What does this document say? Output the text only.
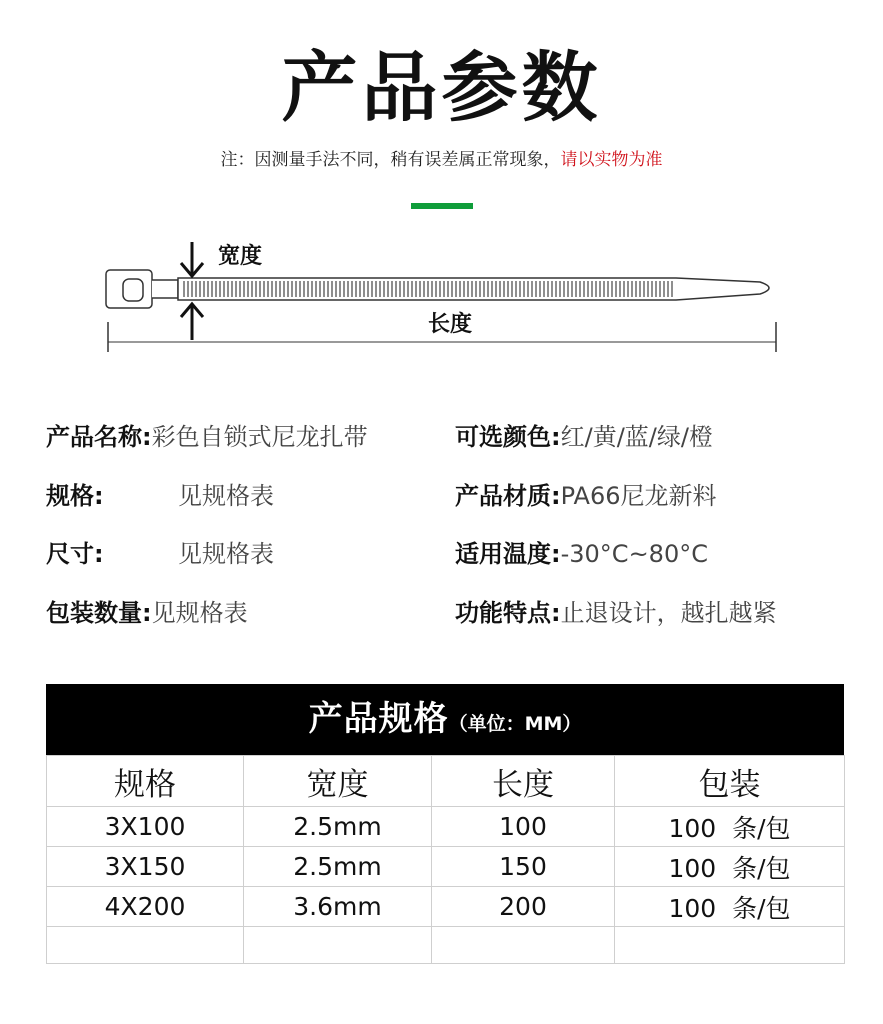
产品参数
注：因测量手法不同，稍有误差属正常现象，请以实物为准
宽度
长度
产品名称:彩色自锁式尼龙扎带	可选颜色:红/黄/蓝/绿/橙
规格:	见规格表	产品材质:PA66尼龙新料
尺寸:	见规格表	适用温度:-30°C~80°C
包装数量:见规格表	功能特点:止退设计，越扎越紧
产品规格（单位：MM）
规格	宽度	长度	包装
3X100	2.5mm	100	100  条/包
3X150	2.5mm	150	100  条/包
4X200	3.6mm	200	100  条/包
